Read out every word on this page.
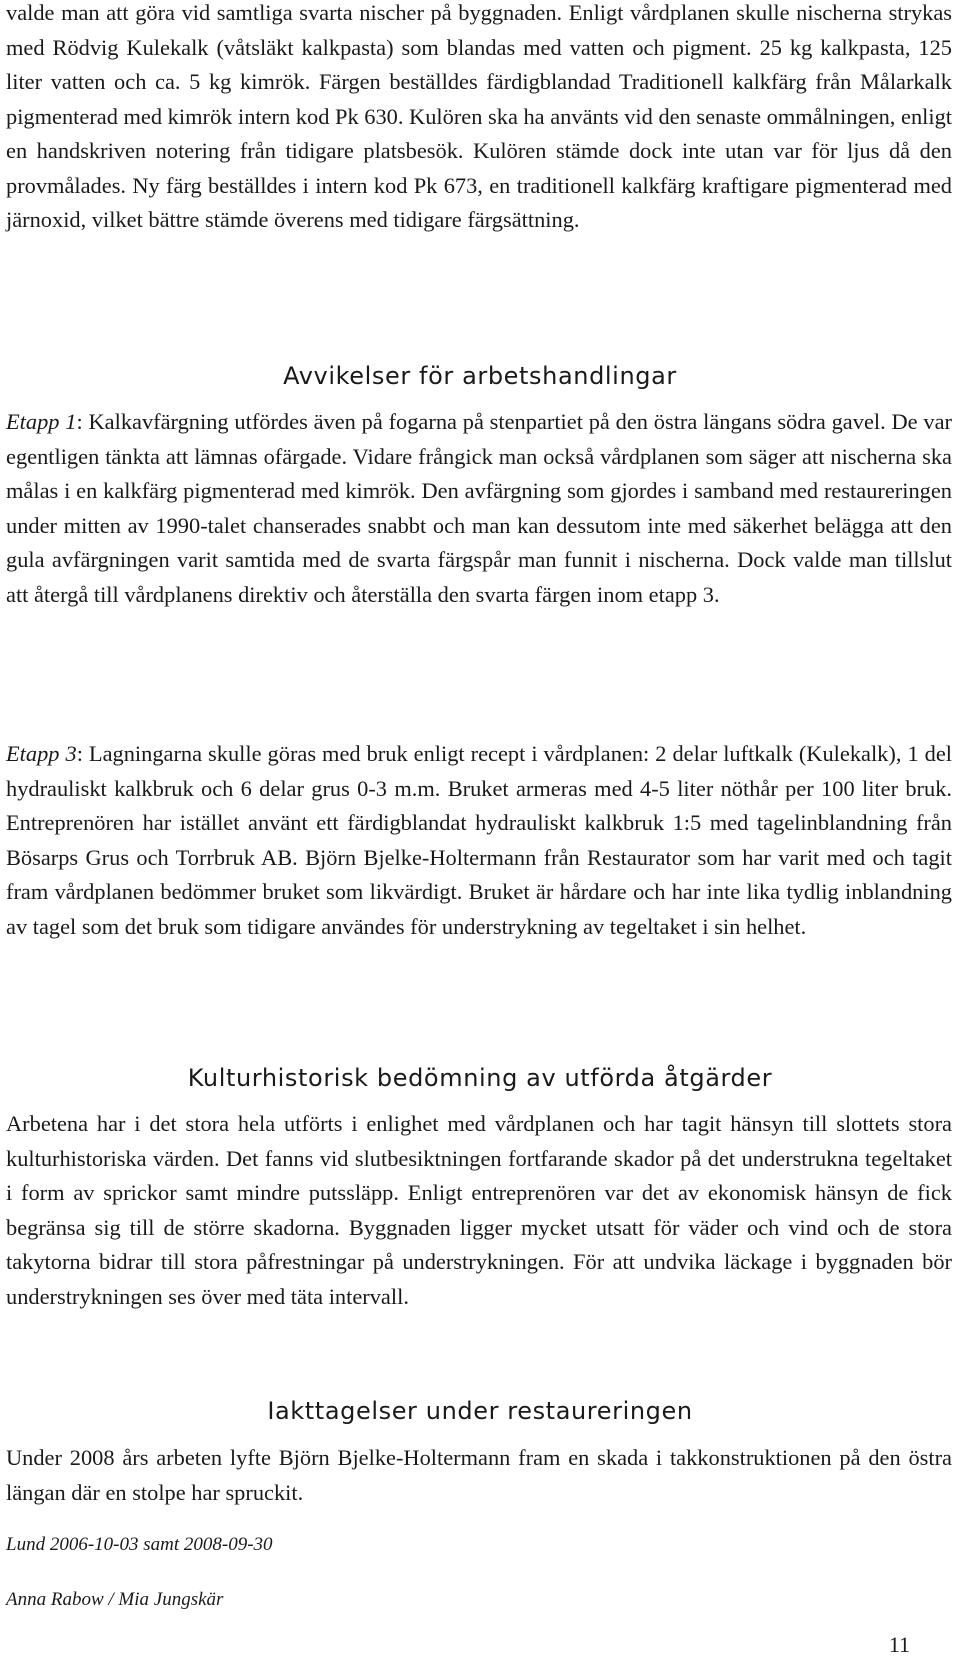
valde man att göra vid samtliga svarta nischer på byggnaden. Enligt vårdplanen skulle nischerna strykas med Rödvig Kulekalk (våtsläkt kalkpasta) som blandas med vatten och pigment. 25 kg kalkpasta, 125 liter vatten och ca. 5 kg kimrök. Färgen beställdes färdigblandad Traditionell kalkfärg från Målarkalk pigmenterad med kimrök intern kod Pk 630. Kulören ska ha använts vid den senaste ommålningen, enligt en handskriven notering från tidigare platsbesök. Kulören stämde dock inte utan var för ljus då den provmålades. Ny färg beställdes i intern kod Pk 673, en traditionell kalkfärg kraftigare pigmenterad med järnoxid, vilket bättre stämde överens med tidigare färgsättning.

Avvikelser för arbetshandlingar

Etapp 1: Kalkavfärgning utfördes även på fogarna på stenpartiet på den östra längans södra gavel. De var egentligen tänkta att lämnas ofärgade. Vidare frångick man också vårdplanen som säger att nischerna ska målas i en kalkfärg pigmenterad med kimrök. Den avfärgning som gjordes i samband med restaureringen under mitten av 1990-talet chanserades snabbt och man kan dessutom inte med säkerhet belägga att den gula avfärgningen varit samtida med de svarta färgspår man funnit i nischerna. Dock valde man tillslut att återgå till vårdplanens direktiv och återställa den svarta färgen inom etapp 3.

Etapp 3: Lagningarna skulle göras med bruk enligt recept i vårdplanen: 2 delar luftkalk (Kulekalk), 1 del hydrauliskt kalkbruk och 6 delar grus 0-3 m.m. Bruket armeras med 4-5 liter nöthår per 100 liter bruk. Entreprenören har istället använt ett färdigblandat hydrauliskt kalkbruk 1:5 med tagelinblandning från Bösarps Grus och Torrbruk AB. Björn Bjelke-Holtermann från Restaurator som har varit med och tagit fram vårdplanen bedömmer bruket som likvärdigt. Bruket är hårdare och har inte lika tydlig inblandning av tagel som det bruk som tidigare användes för understrykning av tegeltaket i sin helhet.

Kulturhistorisk bedömning av utförda åtgärder

Arbetena har i det stora hela utförts i enlighet med vårdplanen och har tagit hänsyn till slottets stora kulturhistoriska värden. Det fanns vid slutbesiktningen fortfarande skador på det understrukna tegeltaket i form av sprickor samt mindre putssläpp. Enligt entreprenören var det av ekonomisk hänsyn de fick begränsa sig till de större skadorna. Byggnaden ligger mycket utsatt för väder och vind och de stora takytorna bidrar till stora påfrestningar på understrykningen. För att undvika läckage i byggnaden bör understrykningen ses över med täta intervall.

Iakttagelser under restaureringen

Under 2008 års arbeten lyfte Björn Bjelke-Holtermann fram en skada i takkonstruktionen på den östra längan där en stolpe har spruckit.

Lund 2006-10-03 samt 2008-09-30

Anna Rabow / Mia Jungskär

11
